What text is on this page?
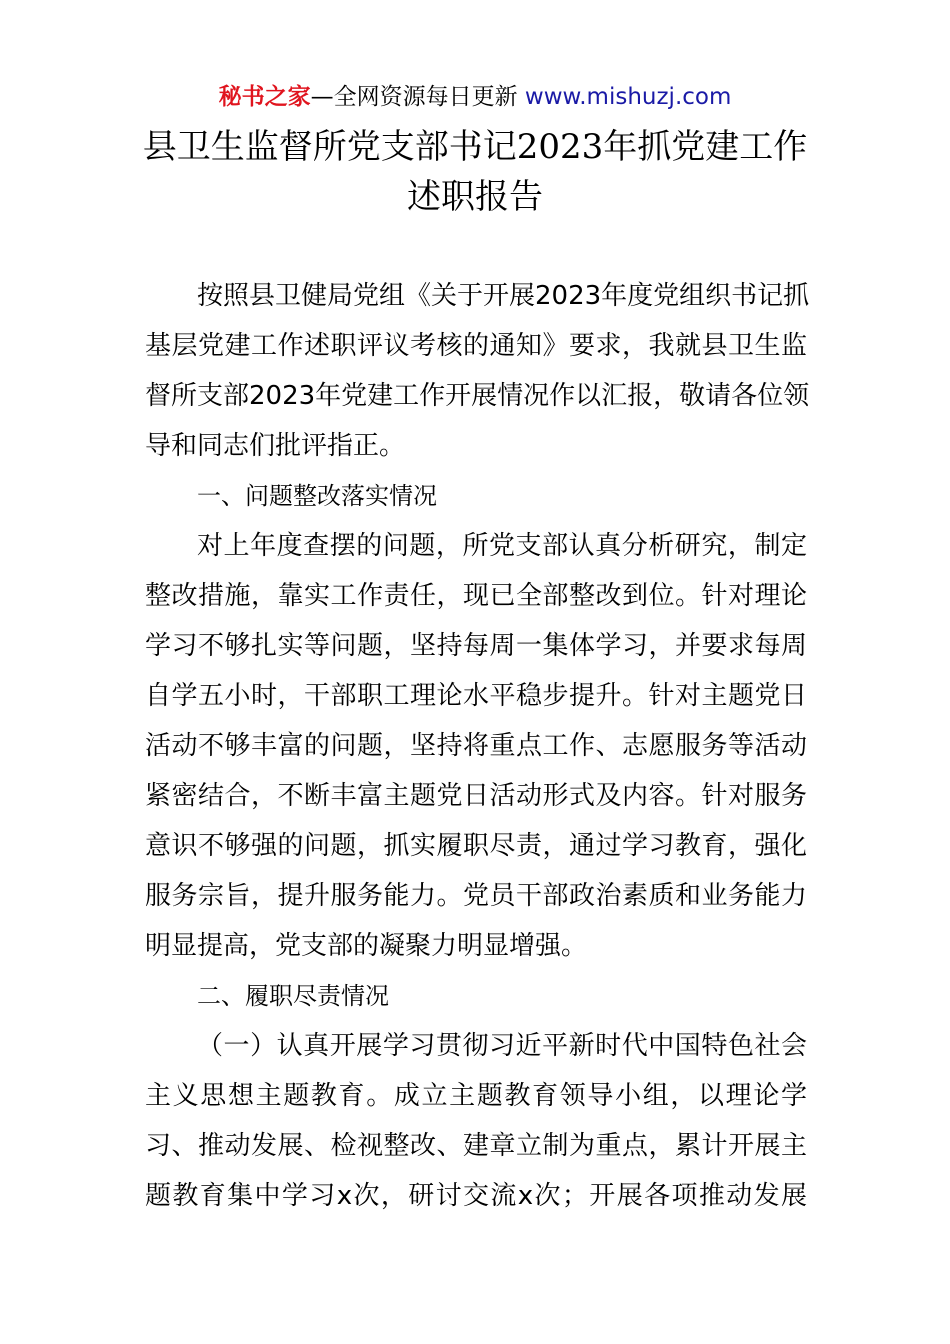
秘书之家—全网资源每日更新 www.mishuzj.com
县卫生监督所党支部书记2023年抓党建工作
述职报告
按照县卫健局党组《关于开展2023年度党组织书记抓
基层党建工作述职评议考核的通知》要求，我就县卫生监
督所支部2023年党建工作开展情况作以汇报，敬请各位领
导和同志们批评指正。
一、问题整改落实情况
对上年度查摆的问题，所党支部认真分析研究，制定
整改措施，靠实工作责任，现已全部整改到位。针对理论
学习不够扎实等问题，坚持每周一集体学习，并要求每周
自学五小时，干部职工理论水平稳步提升。针对主题党日
活动不够丰富的问题，坚持将重点工作、志愿服务等活动
紧密结合，不断丰富主题党日活动形式及内容。针对服务
意识不够强的问题，抓实履职尽责，通过学习教育，强化
服务宗旨，提升服务能力。党员干部政治素质和业务能力
明显提高，党支部的凝聚力明显增强。
二、履职尽责情况
（一）认真开展学习贯彻习近平新时代中国特色社会
主义思想主题教育。成立主题教育领导小组，以理论学
习、推动发展、检视整改、建章立制为重点，累计开展主
题教育集中学习x次，研讨交流x次；开展各项推动发展
